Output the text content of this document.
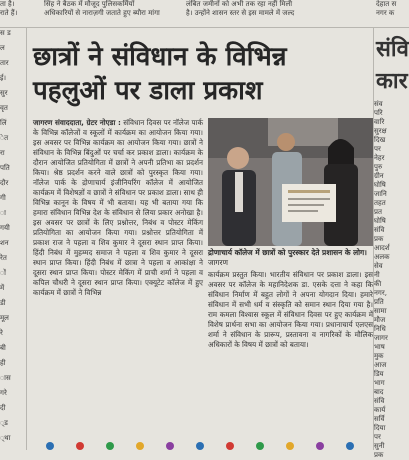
ता है।
राते हैं।
सिंह ने बैठक में मौजूद पुलिसकर्मियों
अधिकारियों से नाराज़गी जताते हुए ब्यौरा मांगा
लंबित जमीनों को अभी तक रहा नहीं मिली
है। उन्होंने शासन स्तर से इस मामले में जल्द
देहात स
नगर क
स ड
ल
तार
ई।
सुर
वृत
लिं
ेत
रा
पति
दौर
गी
ा
गयी
शन
रेत
ों
में
डी
मूल
रे
बी
ही
ास
गरे
दी
्ड
्था
संवि
कार
संव
परि
वारि
सुरक्ष
दिख
पर
नेहर
पुरु
ग्रीन
घोषि
जानि
तहत
प्रत
घोषि
संवि
प्रक
आदर्श
अलक
सेव
नी
की
नगर,
प्रति
सामा
मौज
निधि
जागर
भाष
मुक
आज
डिय
भाग
बाद
संवि
कार्य
सर्वि
दिया
पर
सुनी
प्रक
छात्रों ने संविधान के विभिन्न
पहलुओं पर डाला प्रकाश

जागरण संवाददाता, ग्रेटर नोएडा : संविधान दिवस पर नॉलेज पार्क के विभिन्न कॉलेजों व स्कूलों में कार्यक्रम का आयोजन किया गया। इस अवसर पर विभिन्न कार्यक्रम का आयोजन किया गया। छात्रों ने संविधान के विभिन्न बिंदुओं पर चर्चा कर प्रकाश डाला। कार्यक्रम के दौरान आयोजित प्रतियोगिता में छात्रों ने अपनी प्रतिभा का प्रदर्शन किया। श्रेष्ठ प्रदर्शन करने वाले छात्रों को पुरस्कृत किया गया। नॉलेज पार्क के द्रोणाचार्य इंजीनियरिंग कॉलेज में आयोजित कार्यक्रम में विशेषज्ञों व छात्रों ने संविधान पर प्रकाश डाला। साथ ही विभिन्न कानून के विषय में भी बताया। यह भी बताया गया कि हमारा संविधान विभिन्न देश के संविधान से लिया प्रकार अनोखा है। इस अवसर पर छात्रों के लिए प्रश्नोत्तर, निबंध व पोस्टर मेकिंग प्रतियोगिता का आयोजन किया गया। प्रश्नोत्तर प्रतियोगिता में प्रकाश राज ने पहला व शिव कुमार ने दूसरा स्थान प्राप्त किया। हिंदी निबंध में मुहम्मद समाज ने पहला व शिव कुमार ने दूसरा स्थान प्राप्त किया। हिंदी निबंध में छात्रा ने पहला व आकांक्षा ने दूसरा स्थान प्राप्त किया। पोस्टर मेकिंग में प्राची शर्मा ने पहला व कपिल चौधरी ने दूसरा स्थान प्राप्त किया। एक्यूटेट कॉलेज में हुए कार्यक्रम में छात्रों ने विभिन्न

द्रोणाचार्य कॉलेज में छात्रों को पुरस्कार देते प्रशासन के लोग। जागरण

कार्यक्रम प्रस्तुत किया। भारतीय संविधान पर प्रकाश डाला। इस अवसर पर कॉलेज के महानिदेशक डा. एसके दत्ता ने कहा कि संविधान निर्माण में बहुत लोगों ने अपना योगदान दिया। हमारे संविधान में सभी धर्म व संस्कृति को समान स्थान दिया गया है। राम कमला विश्वास स्कूल में संविधान दिवस पर हुए कार्यक्रम में विशेष प्रार्थना सभा का आयोजन किया गया। प्रधानाचार्य एलएस शर्मा ने संविधान के प्रारूप, प्रस्तावना व नागरिकों के मौलिक अधिकारों के विषय में छात्रों को बताया।
